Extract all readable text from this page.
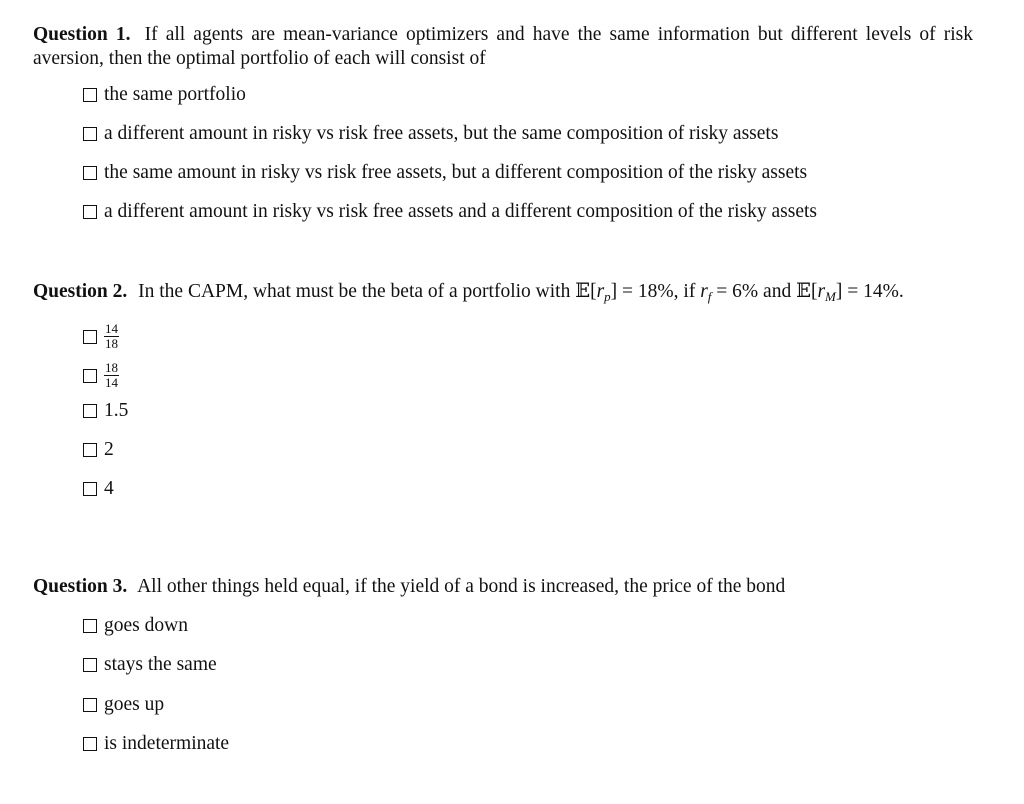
Question 1. If all agents are mean-variance optimizers and have the same information but different levels of risk aversion, then the optimal portfolio of each will consist of

the same portfolio
a different amount in risky vs risk free assets, but the same composition of risky assets
the same amount in risky vs risk free assets, but a different composition of the risky assets
a different amount in risky vs risk free assets and a different composition of the risky assets

Question 2. In the CAPM, what must be the beta of a portfolio with $𝔼[r_p] = 18\%$, if $r_f = 6\%$ and $𝔼[r_M] = 14\%$.

$\frac{14}{18}$
$\frac{18}{14}$
1.5
2
4

Question 3. All other things held equal, if the yield of a bond is increased, the price of the bond

goes down
stays the same
goes up
is indeterminate
